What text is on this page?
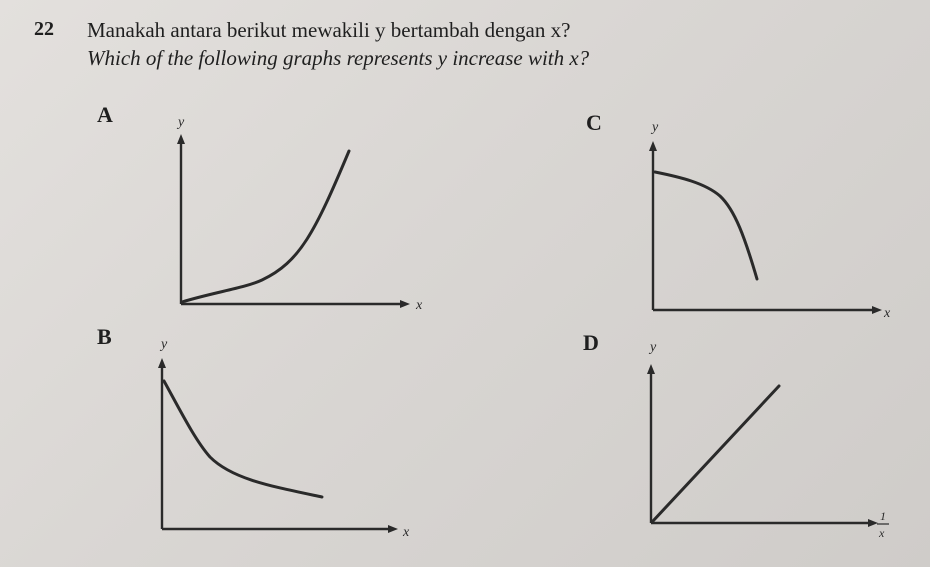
22 Manakah antara berikut mewakili y bertambah dengan x?
Which of the following graphs represents y increase with x?
A
B
C
D
y
x
y
x
y
x
y
1
x
